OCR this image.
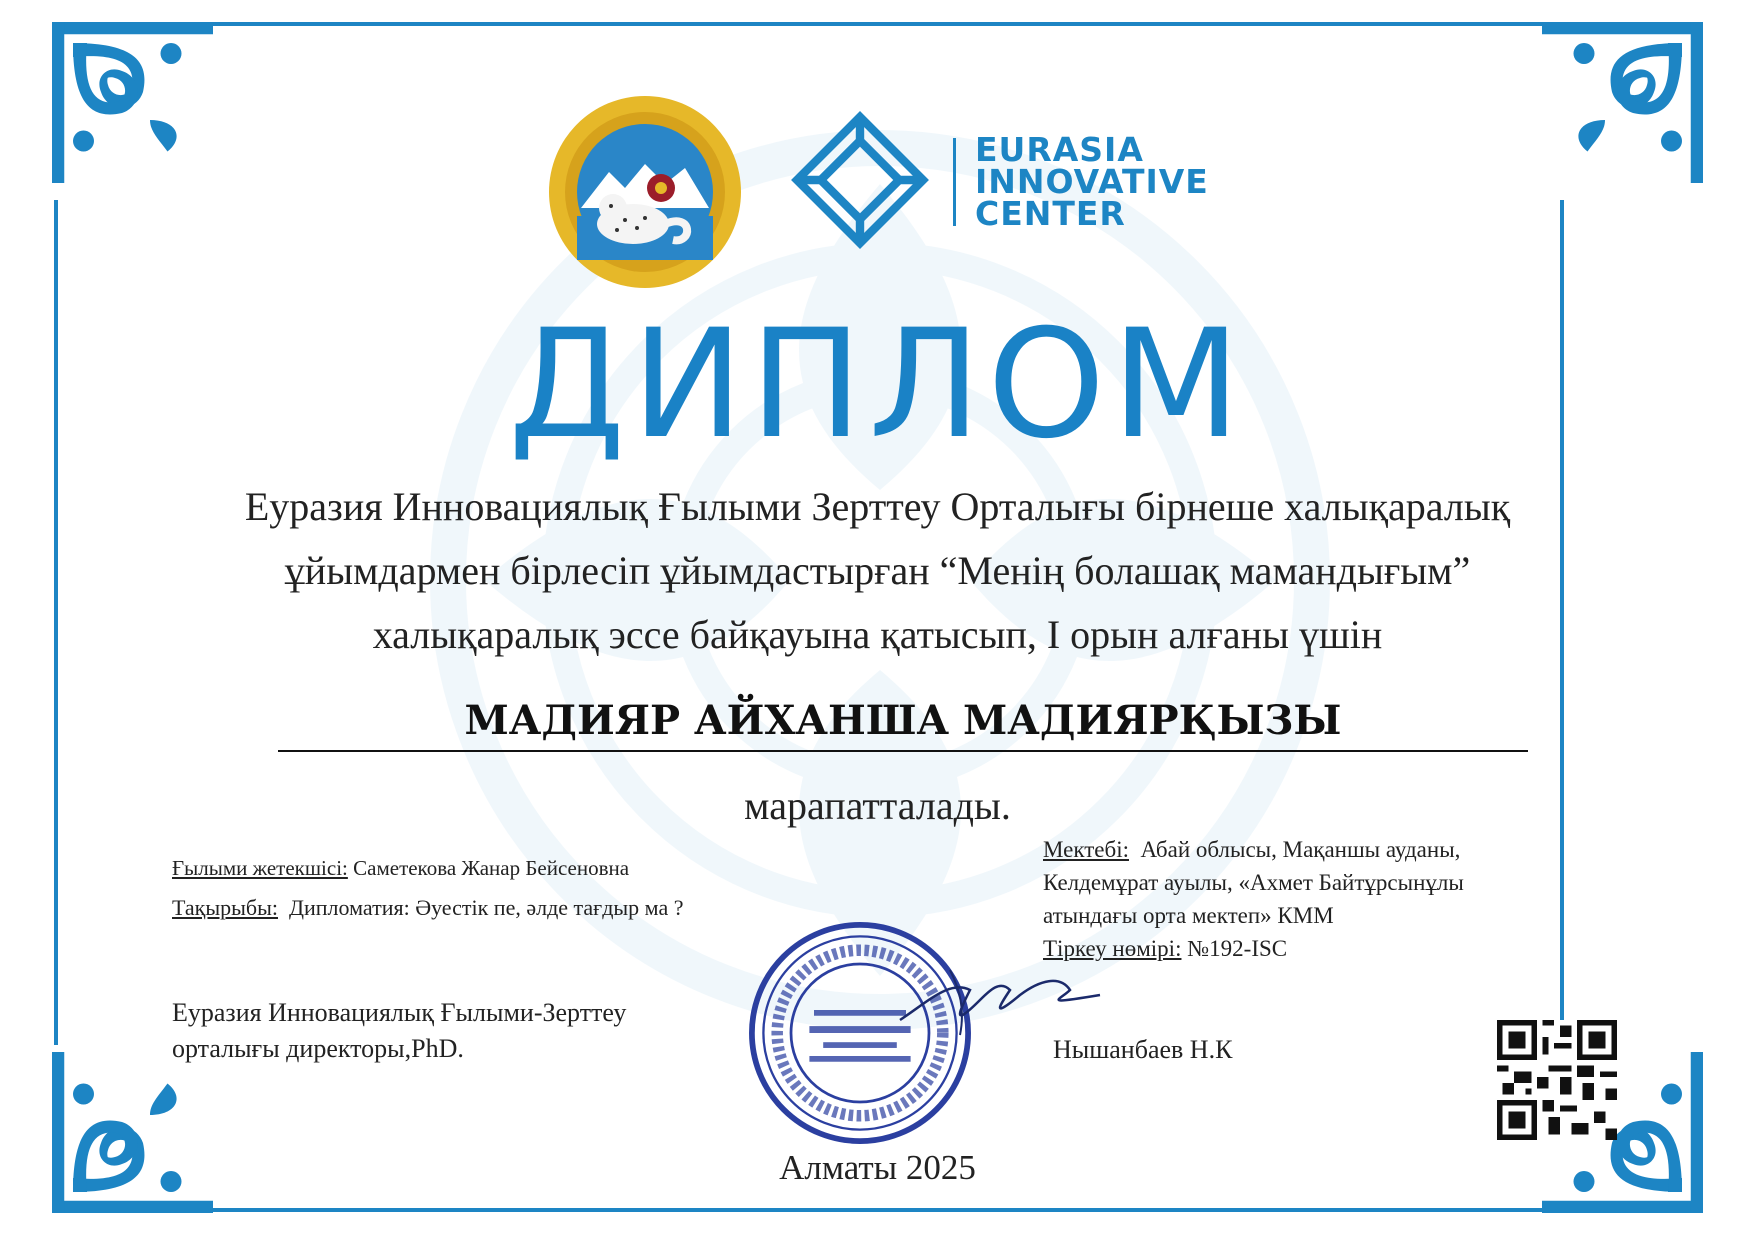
EURASIA
INNOVATIVE
CENTER
ДИПЛОМ
Еуразия Инновациялық Ғылыми Зерттеу Орталығы бірнеше халықаралық
ұйымдармен бірлесіп ұйымдастырған “Менің болашақ мамандығым”
халықаралық эссе байқауына қатысып, І орын алғаны үшін
МАДИЯР АЙХАНША МАДИЯРҚЫЗЫ
марапатталады.
Ғылыми жетекшісі: Саметекова Жанар Бейсеновна
Тақырыбы: Дипломатия: Әуестік пе, әлде тағдыр ма ?
Мектебі: Абай облысы, Мақаншы ауданы,
Келдемұрат ауылы, «Ахмет Байтұрсынұлы
атындағы орта мектеп» КММ
Тіркеу нөмірі: №192-ISC
Еуразия Инновациялық Ғылыми-Зерттеу
орталығы директоры,PhD.	Нышанбаев Н.К
Алматы 2025
